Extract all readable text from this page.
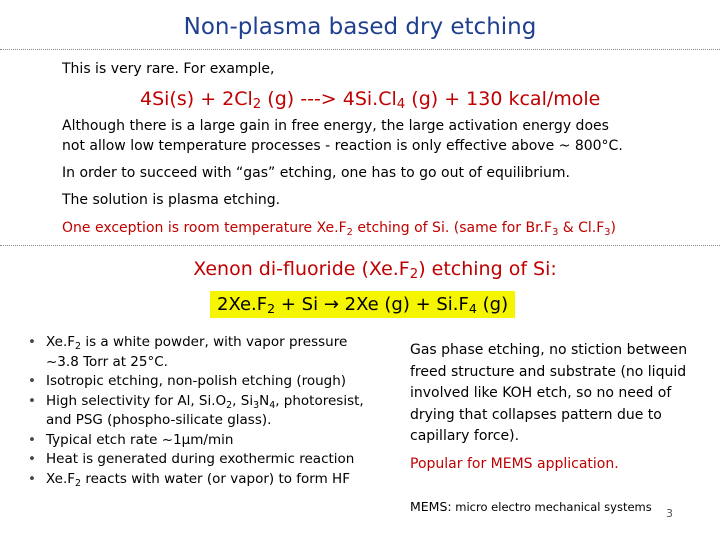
Non-plasma based dry etching
This is very rare. For example,
$4Si(s) + 2Cl_2$ (g) ---> $4Si.Cl_4$ (g) + 130 kcal/mole
Although there is a large gain in free energy, the large activation energy does
not allow low temperature processes - reaction is only effective above ~ 800°C.
In order to succeed with “gas” etching, one has to go out of equilibrium.
The solution is plasma etching.
One exception is room temperature $Xe.F_2$ etching of Si. (same for $Br.F_3$ & $Cl.F_3$)
Xenon di-fluoride $(Xe.F_2)$ etching of Si:
$2Xe.F_2 + Si \to 2Xe$ $(g) + Si.F_4$ (g)
• $Xe.F_2$ is a white powder, with vapor pressure
~3.8 Torr at 25°C.
• Isotropic etching, non-polish etching (rough)
• High selectivity for Al, $Si.O_2$, $Si_3N_4$, photoresist,
and PSG (phospho-silicate glass).
• Typical etch rate ~1μm/min
• Heat is generated during exothermic reaction
• $Xe.F_2$ reacts with water (or vapor) to form HF
Gas phase etching, no stiction between
freed structure and substrate (no liquid
involved like KOH etch, so no need of
drying that collapses pattern due to
capillary force).
Popular for MEMS application.
MEMS: micro electro mechanical systems 3
